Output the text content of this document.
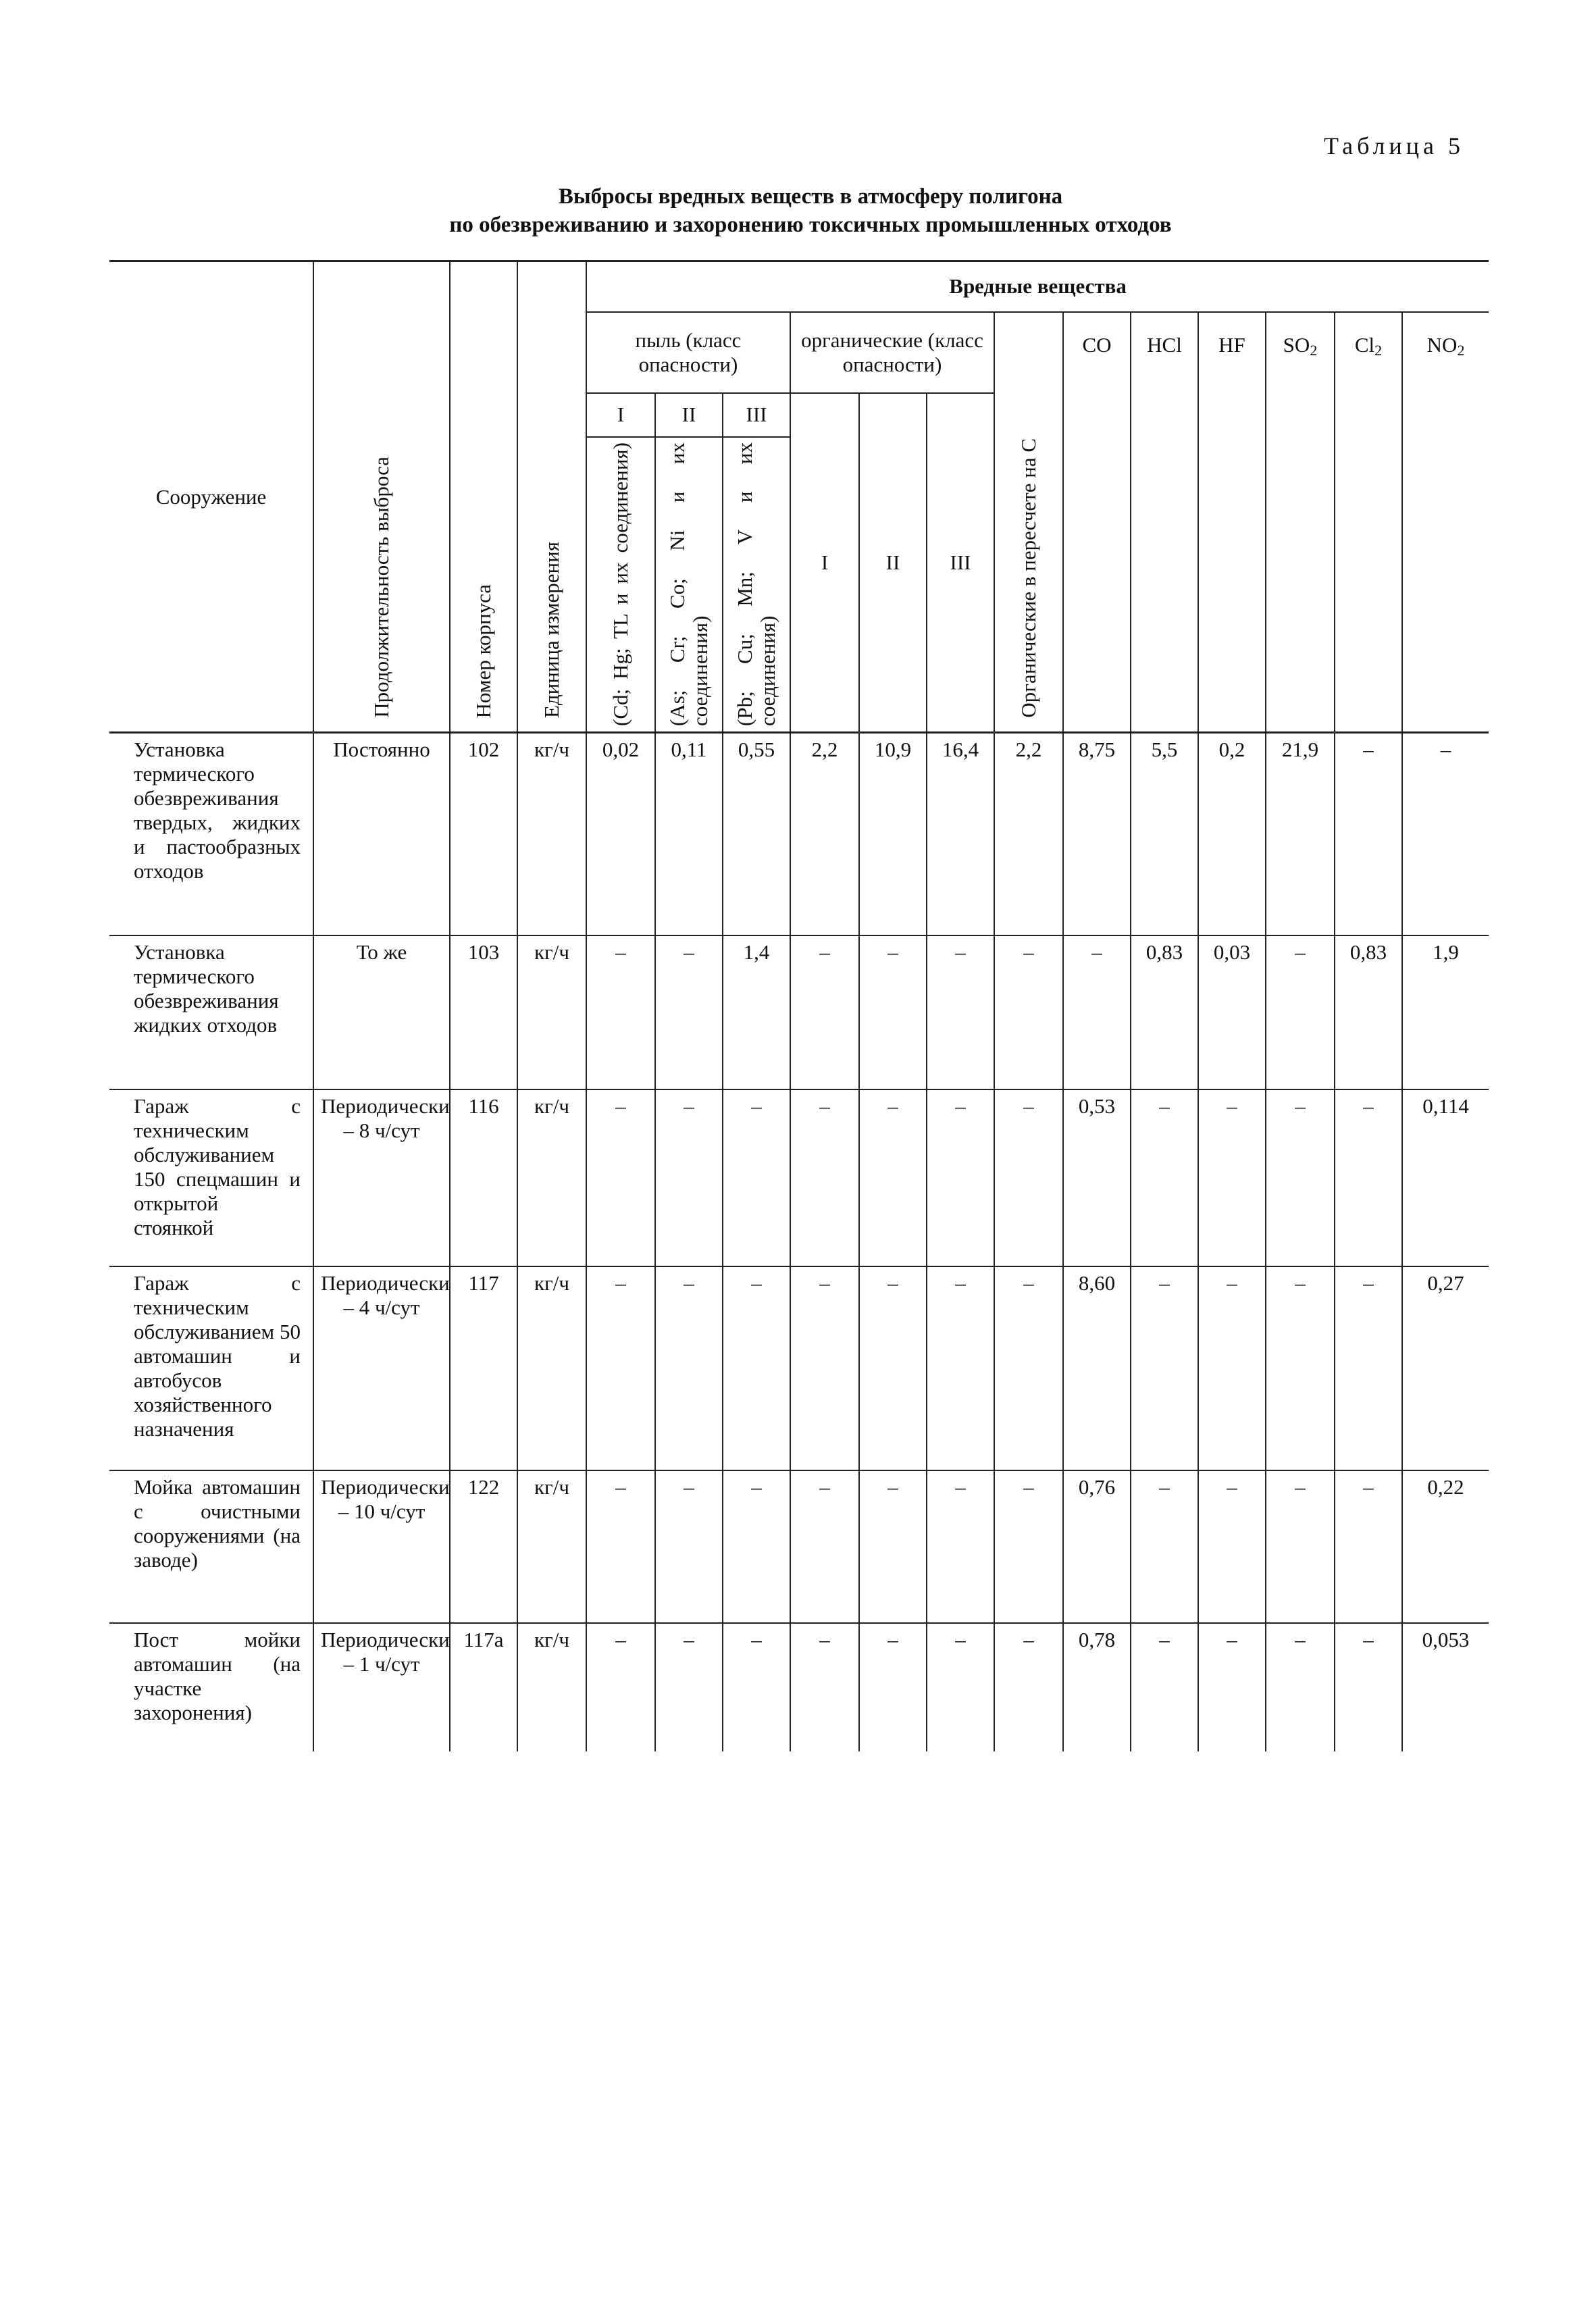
Таблица 5
Выбросы вредных веществ в атмосферу полигона
по обезвреживанию и захоронению токсичных промышленных отходов
Сооружение	Продолжительность выброса	Номер корпуса	Единица измерения	Вредные вещества												
				пыль (класс опасности)			органические (класс опасности)			Органические в пересчете на С	CO	HCl	HF	$SO_2$	$Cl_2$	$NO_2$
				I	II	III	I	II	III							

				(Cd; Hg; TL и их соединения)	(As; Cr; Co; Ni и их соединения)	(Pb; Cu; Mn; V и их соединения)										

Установка термического обезвреживания твердых, жидких и пастообразных отходов	Постоянно	102	кг/ч	0,02	0,11	0,55	2,2	10,9	16,4	2,2	8,75	5,5	0,2	21,9	–	–
Установка термического обезвреживания жидких отходов	То же	103	кг/ч	–	–	1,4	–	–	–	–	–	0,83	0,03	–	0,83	1,9
Гараж с техническим обслуживанием 150 спецмашин и открытой стоянкой	Периодически – 8 ч/сут	116	кг/ч	–	–	–	–	–	–	–	0,53	–	–	–	–	0,114
Гараж с техническим обслуживанием 50 автомашин и автобусов хозяйственного назначения	Периодически – 4 ч/сут	117	кг/ч	–	–	–	–	–	–	–	8,60	–	–	–	–	0,27
Мойка автомашин с очистными сооружениями (на заводе)	Периодически – 10 ч/сут	122	кг/ч	–	–	–	–	–	–	–	0,76	–	–	–	–	0,22
Пост мойки автомашин (на участке захоронения)	Периодически – 1 ч/сут	117а	кг/ч	–	–	–	–	–	–	–	0,78	–	–	–	–	0,053
